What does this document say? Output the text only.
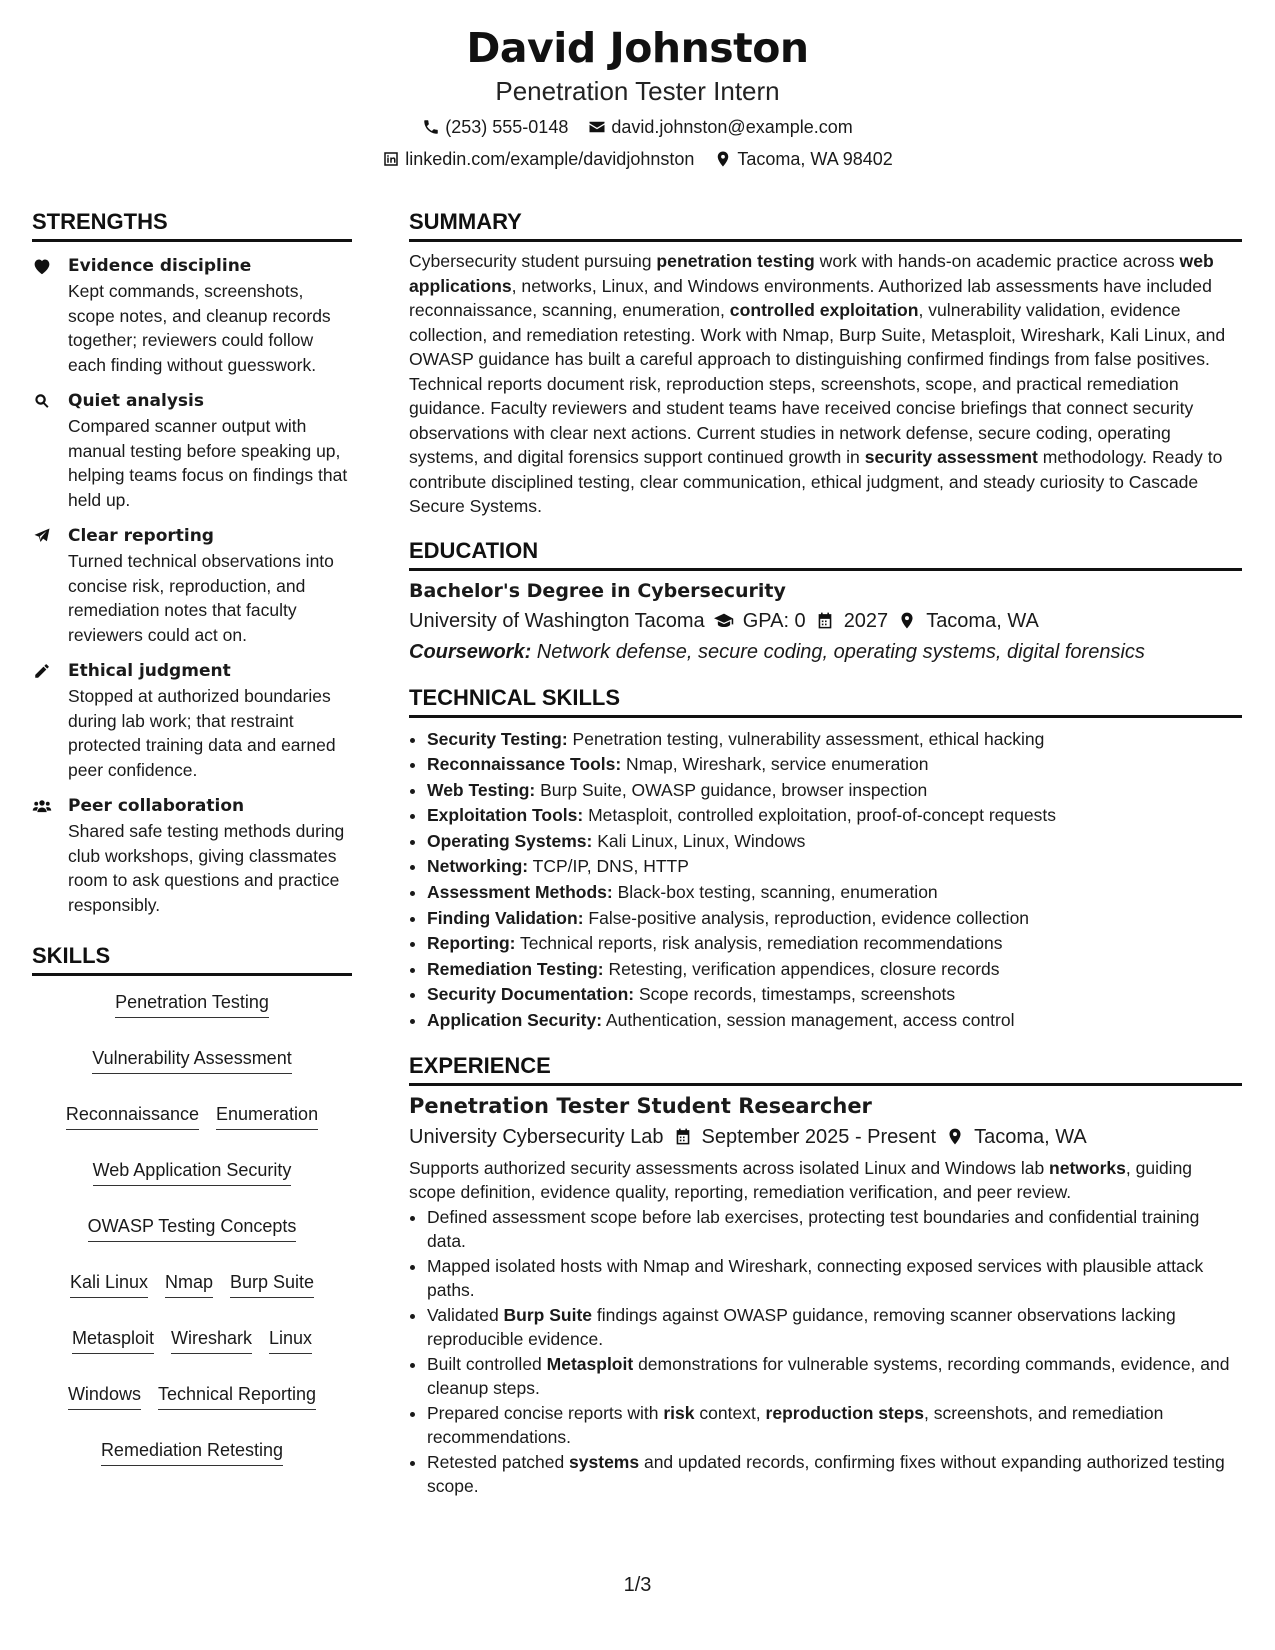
David Johnston
Penetration Tester Intern
(253) 555-0148 david.johnston@example.com
linkedin.com/example/davidjohnston Tacoma, WA 98402
STRENGTHS
Evidence discipline
Kept commands, screenshots, scope notes, and cleanup records together; reviewers could follow each finding without guesswork.
Quiet analysis
Compared scanner output with manual testing before speaking up, helping teams focus on findings that held up.
Clear reporting
Turned technical observations into concise risk, reproduction, and remediation notes that faculty reviewers could act on.
Ethical judgment
Stopped at authorized boundaries during lab work; that restraint protected training data and earned peer confidence.
Peer collaboration
Shared safe testing methods during club workshops, giving classmates room to ask questions and practice responsibly.
SKILLS
Penetration Testing
Vulnerability Assessment
Reconnaissance Enumeration
Web Application Security
OWASP Testing Concepts
Kali Linux Nmap Burp Suite
Metasploit Wireshark Linux
Windows Technical Reporting
Remediation Retesting
SUMMARY
Cybersecurity student pursuing penetration testing work with hands-on academic practice across web applications, networks, Linux, and Windows environments. Authorized lab assessments have included reconnaissance, scanning, enumeration, controlled exploitation, vulnerability validation, evidence collection, and remediation retesting. Work with Nmap, Burp Suite, Metasploit, Wireshark, Kali Linux, and OWASP guidance has built a careful approach to distinguishing confirmed findings from false positives. Technical reports document risk, reproduction steps, screenshots, scope, and practical remediation guidance. Faculty reviewers and student teams have received concise briefings that connect security observations with clear next actions. Current studies in network defense, secure coding, operating systems, and digital forensics support continued growth in security assessment methodology. Ready to contribute disciplined testing, clear communication, ethical judgment, and steady curiosity to Cascade Secure Systems.
EDUCATION
Bachelor's Degree in Cybersecurity
University of Washington Tacoma GPA: 0 2027 Tacoma, WA
Coursework: Network defense, secure coding, operating systems, digital forensics
TECHNICAL SKILLS
• Security Testing: Penetration testing, vulnerability assessment, ethical hacking
• Reconnaissance Tools: Nmap, Wireshark, service enumeration
• Web Testing: Burp Suite, OWASP guidance, browser inspection
• Exploitation Tools: Metasploit, controlled exploitation, proof-of-concept requests
• Operating Systems: Kali Linux, Linux, Windows
• Networking: TCP/IP, DNS, HTTP
• Assessment Methods: Black-box testing, scanning, enumeration
• Finding Validation: False-positive analysis, reproduction, evidence collection
• Reporting: Technical reports, risk analysis, remediation recommendations
• Remediation Testing: Retesting, verification appendices, closure records
• Security Documentation: Scope records, timestamps, screenshots
• Application Security: Authentication, session management, access control
EXPERIENCE
Penetration Tester Student Researcher
University Cybersecurity Lab September 2025 - Present Tacoma, WA
Supports authorized security assessments across isolated Linux and Windows lab networks, guiding scope definition, evidence quality, reporting, remediation verification, and peer review.
• Defined assessment scope before lab exercises, protecting test boundaries and confidential training data.
• Mapped isolated hosts with Nmap and Wireshark, connecting exposed services with plausible attack paths.
• Validated Burp Suite findings against OWASP guidance, removing scanner observations lacking reproducible evidence.
• Built controlled Metasploit demonstrations for vulnerable systems, recording commands, evidence, and cleanup steps.
• Prepared concise reports with risk context, reproduction steps, screenshots, and remediation recommendations.
• Retested patched systems and updated records, confirming fixes without expanding authorized testing scope.
1/3
